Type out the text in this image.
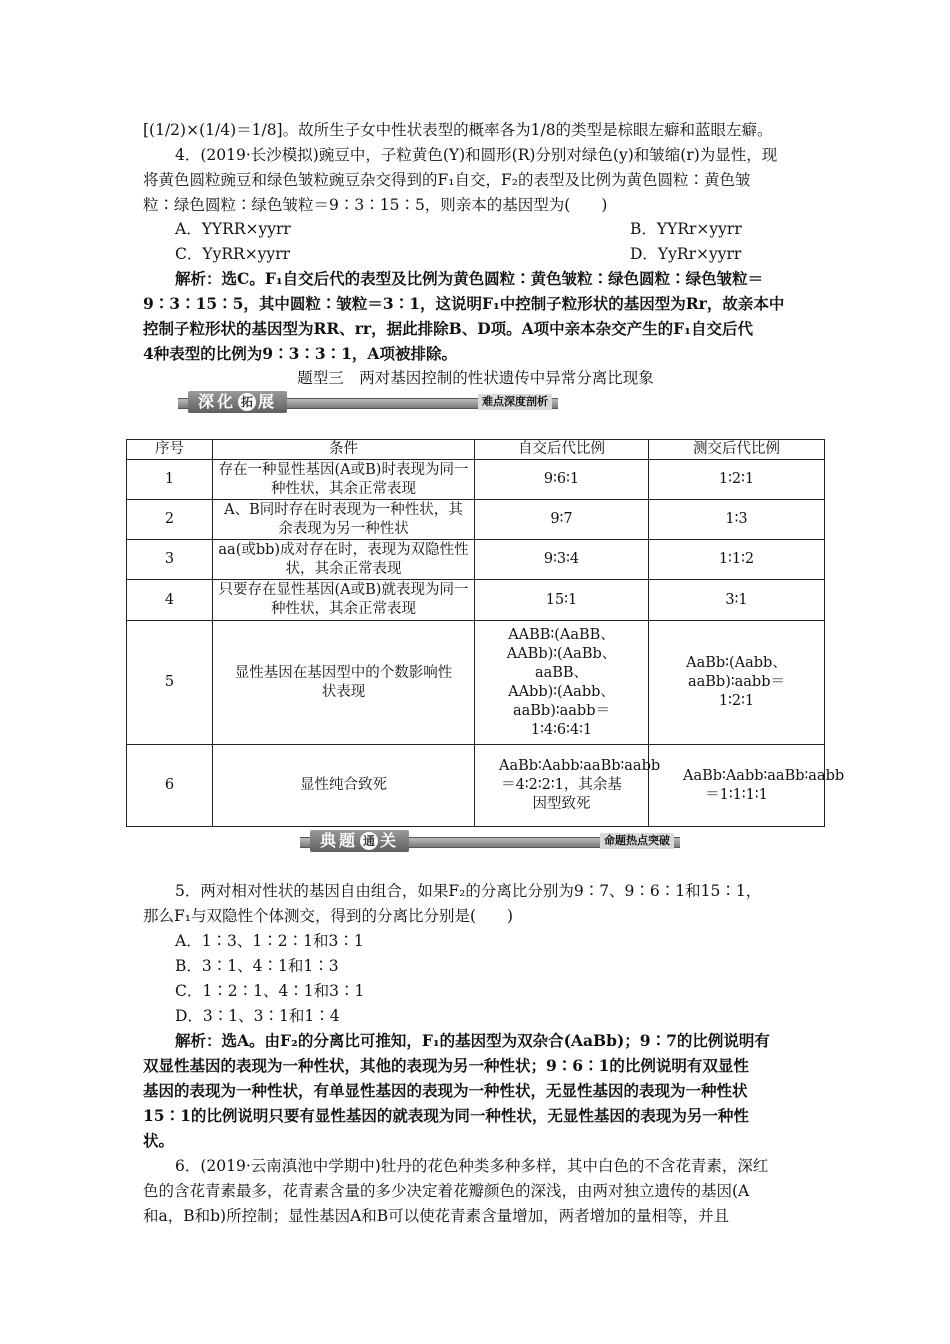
[(1/2)×(1/4)＝1/8]。故所生子女中性状表型的概率各为1/8的类型是棕眼左癖和蓝眼左癖。
4．(2019·长沙模拟)豌豆中，子粒黄色(Y)和圆形(R)分别对绿色(y)和皱缩(r)为显性，现
将黄色圆粒豌豆和绿色皱粒豌豆杂交得到的F₁自交，F₂的表型及比例为黄色圆粒∶黄色皱
粒∶绿色圆粒∶绿色皱粒＝9∶3∶15∶5，则亲本的基因型为(　　)
A．YYRR×yyrr	B．YYRr×yyrr
C．YyRR×yyrr	D．YyRr×yyrr
解析：选C。F₁自交后代的表型及比例为黄色圆粒∶黄色皱粒∶绿色圆粒∶绿色皱粒＝
9∶3∶15∶5，其中圆粒∶皱粒＝3∶1，这说明F₁中控制子粒形状的基因型为Rr，故亲本中
控制子粒形状的基因型为RR、rr，据此排除B、D项。A项中亲本杂交产生的F₁自交后代
4种表型的比例为9∶3∶3∶1，A项被排除。
题型三　两对基因控制的性状遗传中异常分离比现象
深化 拓 展	难点深度剖析
序号	条件	自交后代比例	测交后代比例
1	存在一种显性基因(A或B)时表现为同一种性状，其余正常表现	9∶6∶1	1∶2∶1
2	A、B同时存在时表现为一种性状，其余表现为另一种性状	9∶7	1∶3
3	aa(或bb)成对存在时，表现为双隐性性状，其余正常表现	9∶3∶4	1∶1∶2
4	只要存在显性基因(A或B)就表现为同一种性状，其余正常表现	15∶1	3∶1
5	显性基因在基因型中的个数影响性状表现	AABB∶(AaBB、AABb)∶(AaBb、aaBB、AAbb)∶(Aabb、aaBb)∶aabb＝1∶4∶6∶4∶1	AaBb∶(Aabb、aaBb)∶aabb＝1∶2∶1
6	显性纯合致死	AaBb∶Aabb∶aaBb∶aabb＝4∶2∶2∶1，其余基因型致死	AaBb∶Aabb∶aaBb∶aabb＝1∶1∶1∶1
典题 通 关	命题热点突破
5．两对相对性状的基因自由组合，如果F₂的分离比分别为9∶7、9∶6∶1和15∶1，
那么F₁与双隐性个体测交，得到的分离比分别是(　　)
A．1∶3、1∶2∶1和3∶1
B．3∶1、4∶1和1∶3
C．1∶2∶1、4∶1和3∶1
D．3∶1、3∶1和1∶4
解析：选A。由F₂的分离比可推知，F₁的基因型为双杂合(AaBb)；9∶7的比例说明有
双显性基因的表现为一种性状，其他的表现为另一种性状；9∶6∶1的比例说明有双显性
基因的表现为一种性状，有单显性基因的表现为一种性状，无显性基因的表现为一种性状
15∶1的比例说明只要有显性基因的就表现为同一种性状，无显性基因的表现为另一种性
状。
6．(2019·云南滇池中学期中)牡丹的花色种类多种多样，其中白色的不含花青素，深红
色的含花青素最多，花青素含量的多少决定着花瓣颜色的深浅，由两对独立遗传的基因(A
和a，B和b)所控制；显性基因A和B可以使花青素含量增加，两者增加的量相等，并且
